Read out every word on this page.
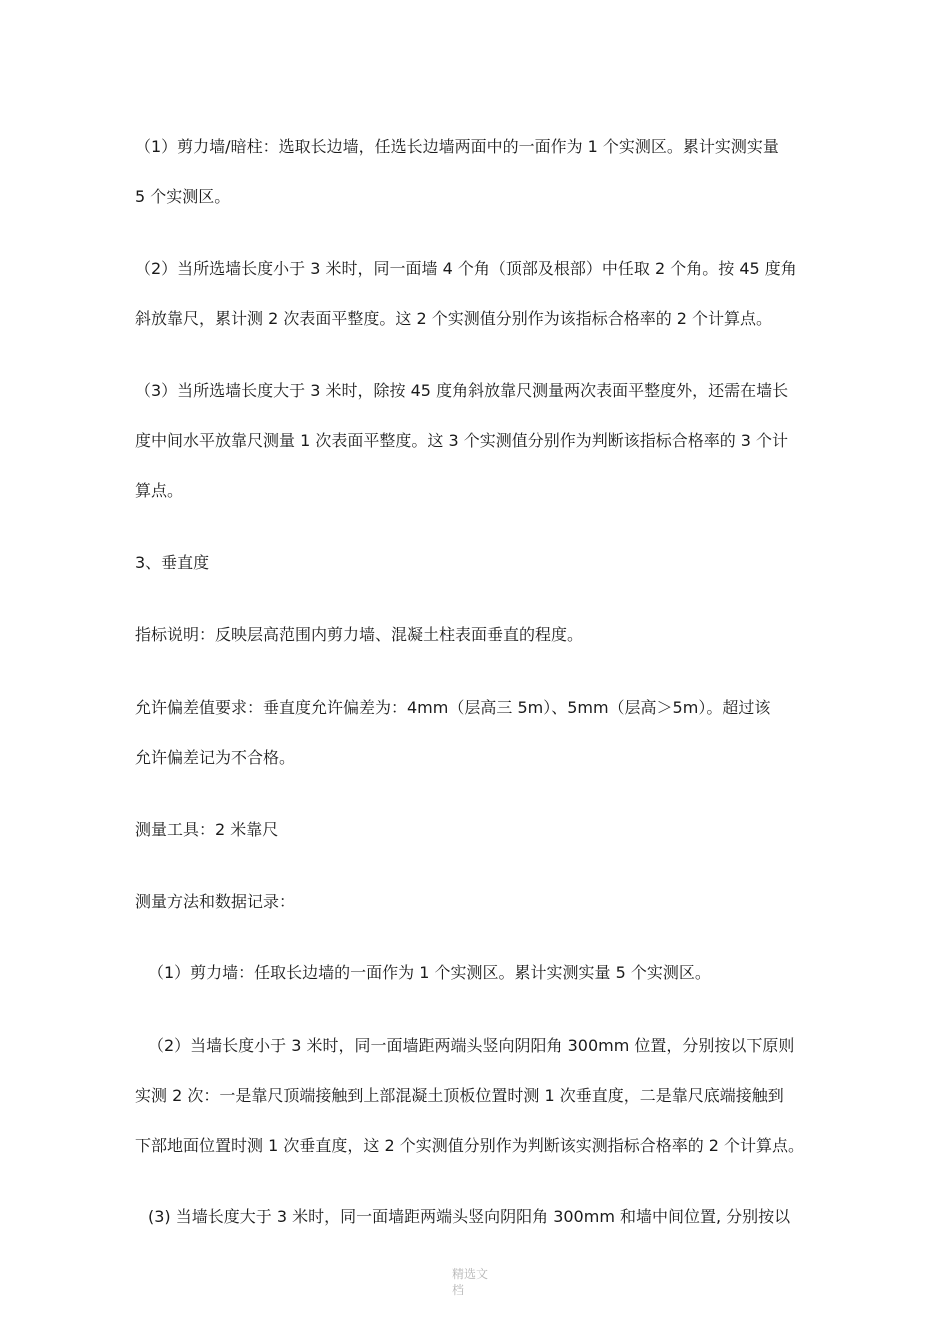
（1）剪力墙/暗柱：选取长边墙，任选长边墙两面中的一面作为 1 个实测区。累计实测实量
5 个实测区。

（2）当所选墙长度小于 3 米时，同一面墙 4 个角（顶部及根部）中任取 2 个角。按 45 度角
斜放靠尺，累计测 2 次表面平整度。这 2 个实测值分别作为该指标合格率的 2 个计算点。

（3）当所选墙长度大于 3 米时，除按 45 度角斜放靠尺测量两次表面平整度外，还需在墙长
度中间水平放靠尺测量 1 次表面平整度。这 3 个实测值分别作为判断该指标合格率的 3 个计
算点。

3、垂直度

指标说明：反映层高范围内剪力墙、混凝土柱表面垂直的程度。

允许偏差值要求：垂直度允许偏差为：4mm（层高三 5m）、5mm（层高＞5m）。超过该
允许偏差记为不合格。

测量工具：2 米靠尺

测量方法和数据记录：

（1）剪力墙：任取长边墙的一面作为 1 个实测区。累计实测实量 5 个实测区。

（2）当墙长度小于 3 米时，同一面墙距两端头竖向阴阳角 300mm 位置，分别按以下原则
实测 2 次：一是靠尺顶端接触到上部混凝土顶板位置时测 1 次垂直度，二是靠尺底端接触到
下部地面位置时测 1 次垂直度，这 2 个实测值分别作为判断该实测指标合格率的 2 个计算点。

(3) 当墙长度大于 3 米时，同一面墙距两端头竖向阴阳角 300mm 和墙中间位置, 分别按以

精选文
档
